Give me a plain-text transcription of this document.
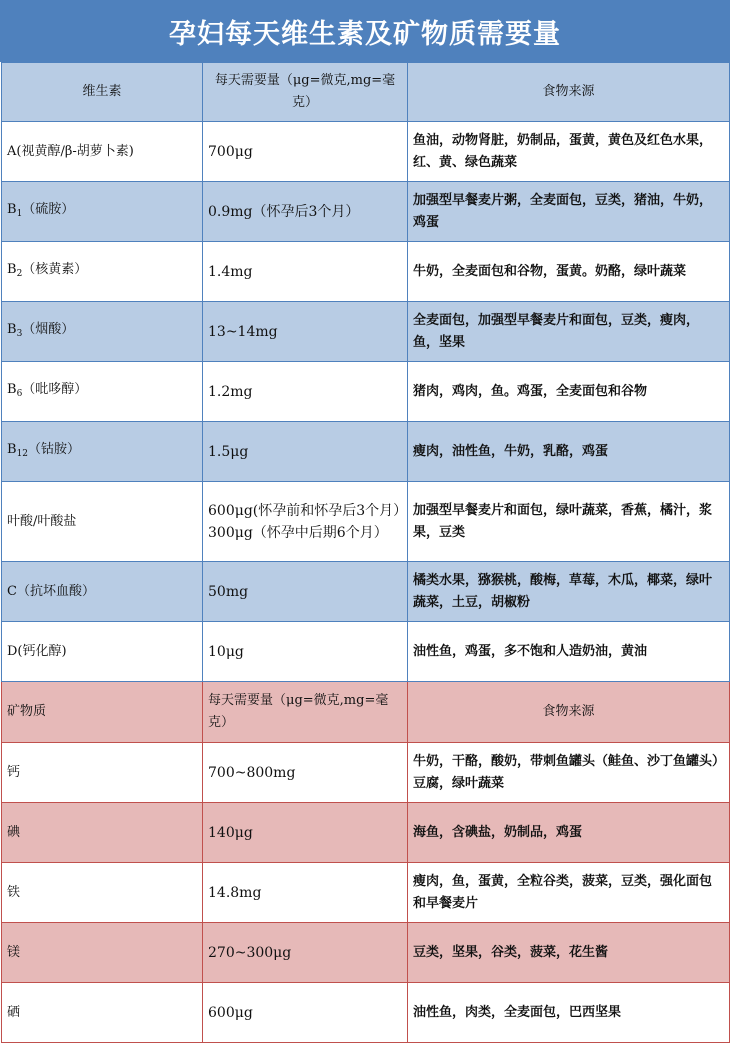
孕妇每天维生素及矿物质需要量
维生素	每天需要量（μg=微克,mg=毫克）	食物来源
A(视黄醇/β-胡萝卜素)	700μg	鱼油，动物肾脏，奶制品，蛋黄，黄色及红色水果，红、黄、绿色蔬菜
$B_1$（硫胺）	0.9mg（怀孕后3个月）	加强型早餐麦片粥，全麦面包，豆类，猪油，牛奶，鸡蛋
$B_2$（核黄素）	1.4mg	牛奶，全麦面包和谷物，蛋黄。奶酪，绿叶蔬菜
$B_3$（烟酸）	13~14mg	全麦面包，加强型早餐麦片和面包，豆类，瘦肉，鱼，坚果
$B_6$（吡哆醇）	1.2mg	猪肉，鸡肉，鱼。鸡蛋，全麦面包和谷物
$B_{12}$（钴胺）	1.5μg	瘦肉，油性鱼，牛奶，乳酪，鸡蛋
叶酸/叶酸盐	600μg(怀孕前和怀孕后3个月）300μg（怀孕中后期6个月）	加强型早餐麦片和面包，绿叶蔬菜，香蕉，橘汁，浆果，豆类
C（抗坏血酸）	50mg	橘类水果，猕猴桃，酸梅，草莓，木瓜，椰菜，绿叶蔬菜，土豆，胡椒粉
D(钙化醇)	10μg	油性鱼，鸡蛋，多不饱和人造奶油，黄油
矿物质	每天需要量（μg=微克,mg=毫克）	食物来源
钙	700~800mg	牛奶，干酪，酸奶，带刺鱼罐头（鲑鱼、沙丁鱼罐头）豆腐，绿叶蔬菜
碘	140μg	海鱼，含碘盐，奶制品，鸡蛋
铁	14.8mg	瘦肉，鱼，蛋黄，全粒谷类，菠菜，豆类，强化面包和早餐麦片
镁	270~300μg	豆类，坚果，谷类，菠菜，花生酱
硒	600μg	油性鱼，肉类，全麦面包，巴西坚果
